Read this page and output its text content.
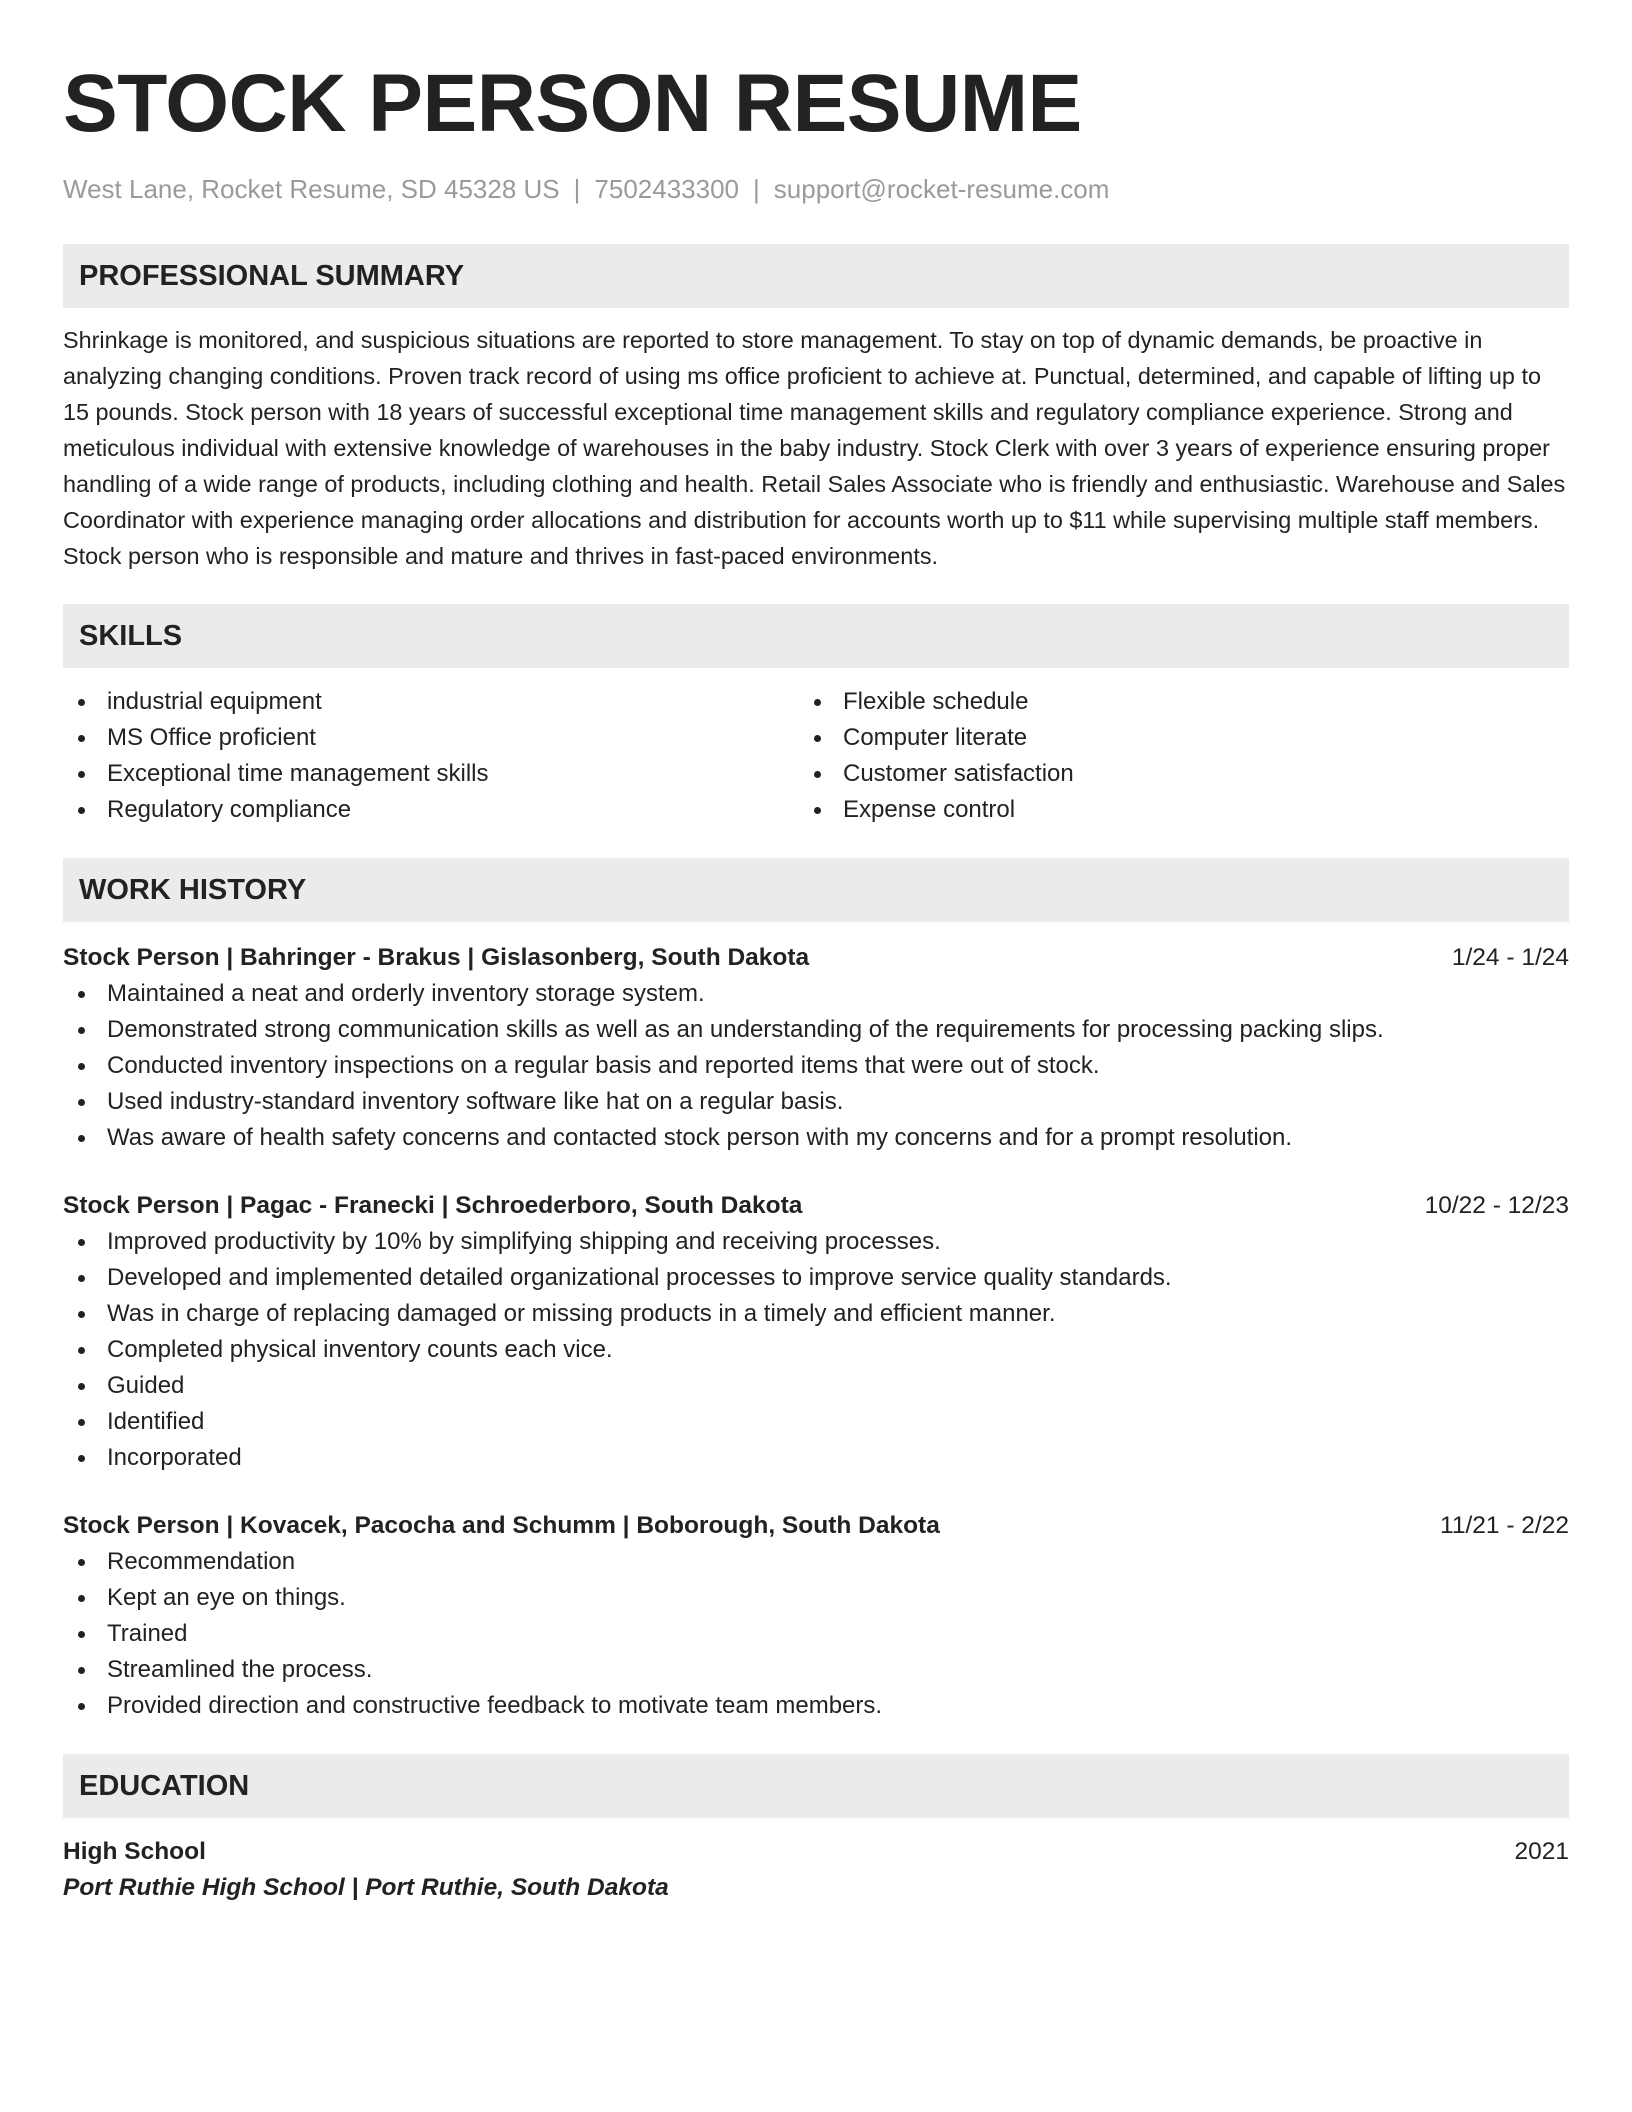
STOCK PERSON RESUME
West Lane, Rocket Resume, SD 45328 US | 7502433300 | support@rocket-resume.com
PROFESSIONAL SUMMARY
Shrinkage is monitored, and suspicious situations are reported to store management. To stay on top of dynamic demands, be proactive in analyzing changing conditions. Proven track record of using ms office proficient to achieve at. Punctual, determined, and capable of lifting up to 15 pounds. Stock person with 18 years of successful exceptional time management skills and regulatory compliance experience. Strong and meticulous individual with extensive knowledge of warehouses in the baby industry. Stock Clerk with over 3 years of experience ensuring proper handling of a wide range of products, including clothing and health. Retail Sales Associate who is friendly and enthusiastic. Warehouse and Sales Coordinator with experience managing order allocations and distribution for accounts worth up to $11 while supervising multiple staff members. Stock person who is responsible and mature and thrives in fast-paced environments.
SKILLS
industrial equipment
MS Office proficient
Exceptional time management skills
Regulatory compliance
Flexible schedule
Computer literate
Customer satisfaction
Expense control
WORK HISTORY
Stock Person | Bahringer - Brakus | Gislasonberg, South Dakota	1/24 - 1/24
Maintained a neat and orderly inventory storage system.
Demonstrated strong communication skills as well as an understanding of the requirements for processing packing slips.
Conducted inventory inspections on a regular basis and reported items that were out of stock.
Used industry-standard inventory software like hat on a regular basis.
Was aware of health safety concerns and contacted stock person with my concerns and for a prompt resolution.
Stock Person | Pagac - Franecki | Schroederboro, South Dakota	10/22 - 12/23
Improved productivity by 10% by simplifying shipping and receiving processes.
Developed and implemented detailed organizational processes to improve service quality standards.
Was in charge of replacing damaged or missing products in a timely and efficient manner.
Completed physical inventory counts each vice.
Guided
Identified
Incorporated
Stock Person | Kovacek, Pacocha and Schumm | Boborough, South Dakota	11/21 - 2/22
Recommendation
Kept an eye on things.
Trained
Streamlined the process.
Provided direction and constructive feedback to motivate team members.
EDUCATION
High School	2021
Port Ruthie High School | Port Ruthie, South Dakota
